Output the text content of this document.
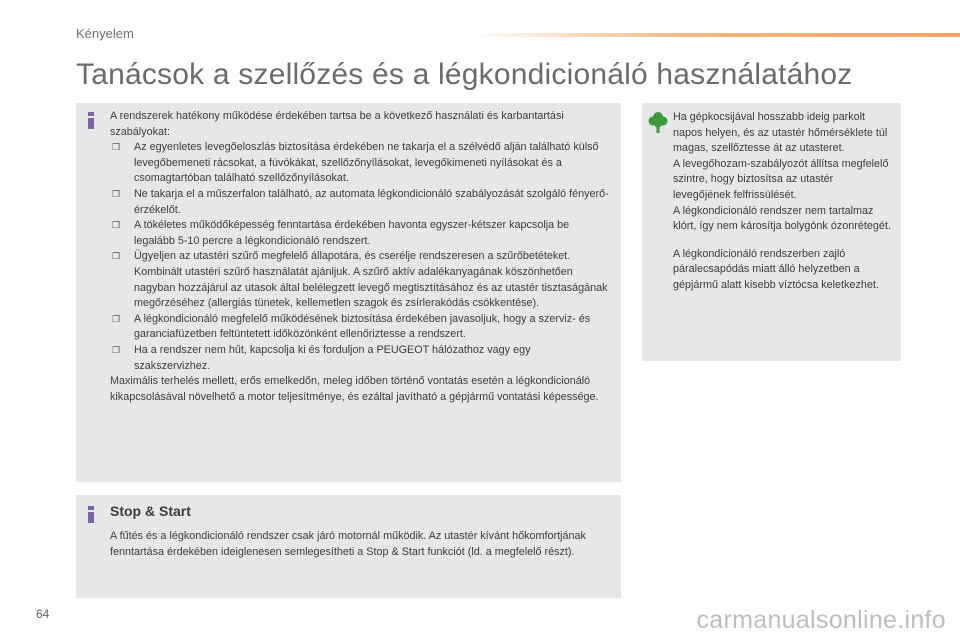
Kényelem
Tanácsok a szellőzés és a légkondicionáló használatához

A rendszerek hatékony működése érdekében tartsa be a következő használati és karbantartási szabályokat:

❒ Az egyenletes levegőeloszlás biztosítása érdekében ne takarja el a szélvédő alján található külső levegőbemeneti rácsokat, a fúvókákat, szellőzőnyílásokat, levegőkimeneti nyílásokat és a csomagtartóban található szellőzőnyílásokat.
❒ Ne takarja el a műszerfalon található, az automata légkondicionáló szabályozását szolgáló fényerő-érzékelőt.
❒ A tökéletes működőképesség fenntartása érdekében havonta egyszer-kétszer kapcsolja be legalább 5-10 percre a légkondicionáló rendszert.
❒ Ügyeljen az utastéri szűrő megfelelő állapotára, és cserélje rendszeresen a szűrőbetéteket.

Kombinált utastéri szűrő használatát ajánljuk. A szűrő aktív adalékanyagának köszönhetően nagyban hozzájárul az utasok által belélegzett levegő megtisztításához és az utastér tisztaságának megőrzéséhez (allergiás tünetek, kellemetlen szagok és zsírlerakódás csökkentése).

❒ A légkondicionáló megfelelő működésének biztosítása érdekében javasoljuk, hogy a szerviz- és garanciafüzetben feltüntetett időközönként ellenőriztesse a rendszert.
❒ Ha a rendszer nem hűt, kapcsolja ki és forduljon a PEUGEOT hálózathoz vagy egy szakszervizhez.

Maximális terhelés mellett, erős emelkedőn, meleg időben történő vontatás esetén a légkondicionáló kikapcsolásával növelhető a motor teljesítménye, és ezáltal javítható a gépjármű vontatási képessége.

Ha gépkocsijával hosszabb ideig parkolt napos helyen, és az utastér hőmérséklete túl magas, szellőztesse át az utasteret.

A levegőhozam-szabályozót állítsa megfelelő szintre, hogy biztosítsa az utastér levegőjének felfrissülését.

A légkondicionáló rendszer nem tartalmaz klórt, így nem károsítja bolygónk ózonrétegét.

A légkondicionáló rendszerben zajló páralecsapódás miatt álló helyzetben a gépjármű alatt kisebb víztócsa keletkezhet.

Stop & Start

A fűtés és a légkondicionáló rendszer csak járó motornál működik. Az utastér kívánt hőkomfortjának fenntartása érdekében ideiglenesen semlegesítheti a Stop & Start funkciót (ld. a megfelelő részt).

64	carmanualsonline.info
